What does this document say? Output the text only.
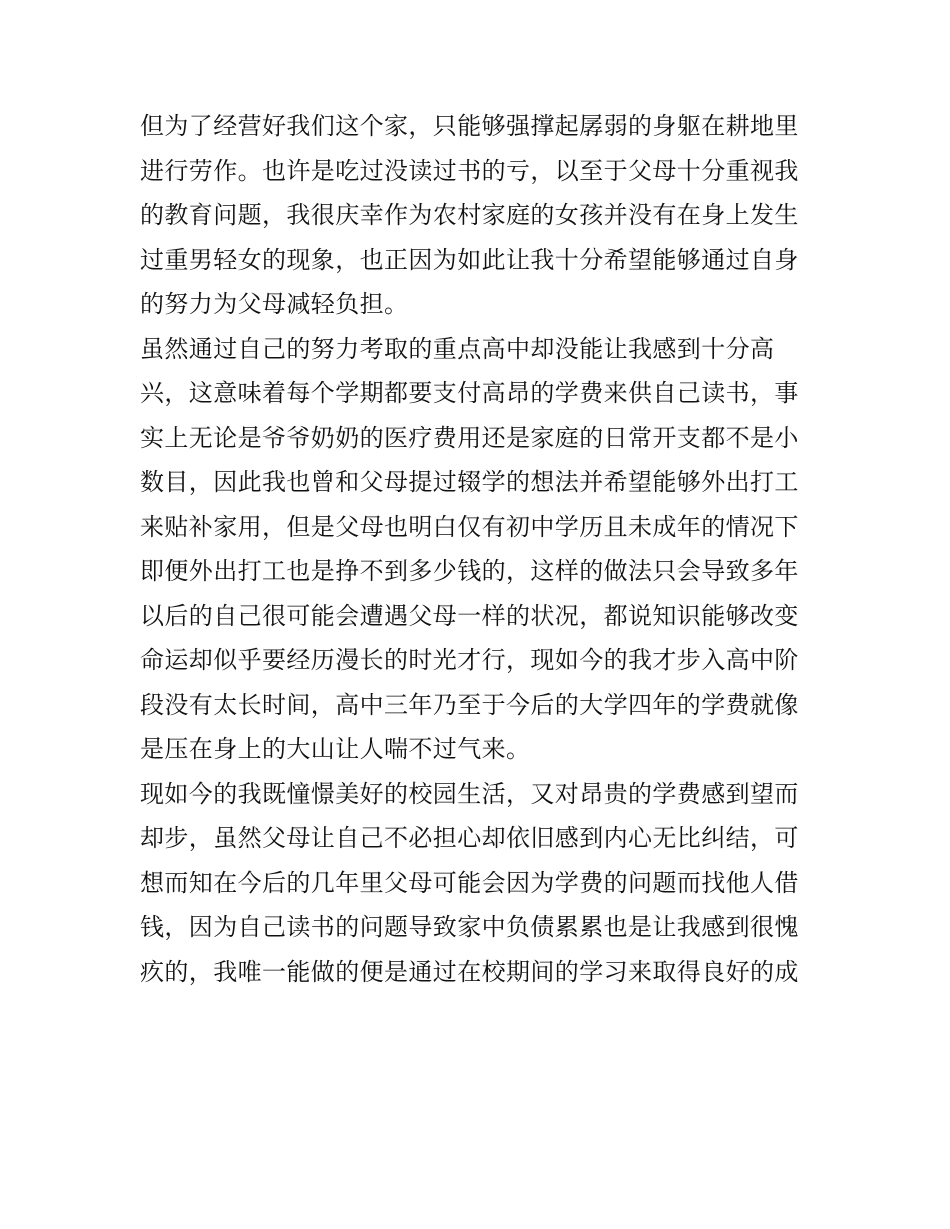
但为了经营好我们这个家，只能够强撑起孱弱的身躯在耕地里
进行劳作。也许是吃过没读过书的亏，以至于父母十分重视我
的教育问题，我很庆幸作为农村家庭的女孩并没有在身上发生
过重男轻女的现象，也正因为如此让我十分希望能够通过自身
的努力为父母减轻负担。
虽然通过自己的努力考取的重点高中却没能让我感到十分高
兴，这意味着每个学期都要支付高昂的学费来供自己读书，事
实上无论是爷爷奶奶的医疗费用还是家庭的日常开支都不是小
数目，因此我也曾和父母提过辍学的想法并希望能够外出打工
来贴补家用，但是父母也明白仅有初中学历且未成年的情况下
即便外出打工也是挣不到多少钱的，这样的做法只会导致多年
以后的自己很可能会遭遇父母一样的状况，都说知识能够改变
命运却似乎要经历漫长的时光才行，现如今的我才步入高中阶
段没有太长时间，高中三年乃至于今后的大学四年的学费就像
是压在身上的大山让人喘不过气来。
现如今的我既憧憬美好的校园生活，又对昂贵的学费感到望而
却步，虽然父母让自己不必担心却依旧感到内心无比纠结，可
想而知在今后的几年里父母可能会因为学费的问题而找他人借
钱，因为自己读书的问题导致家中负债累累也是让我感到很愧
疚的，我唯一能做的便是通过在校期间的学习来取得良好的成
